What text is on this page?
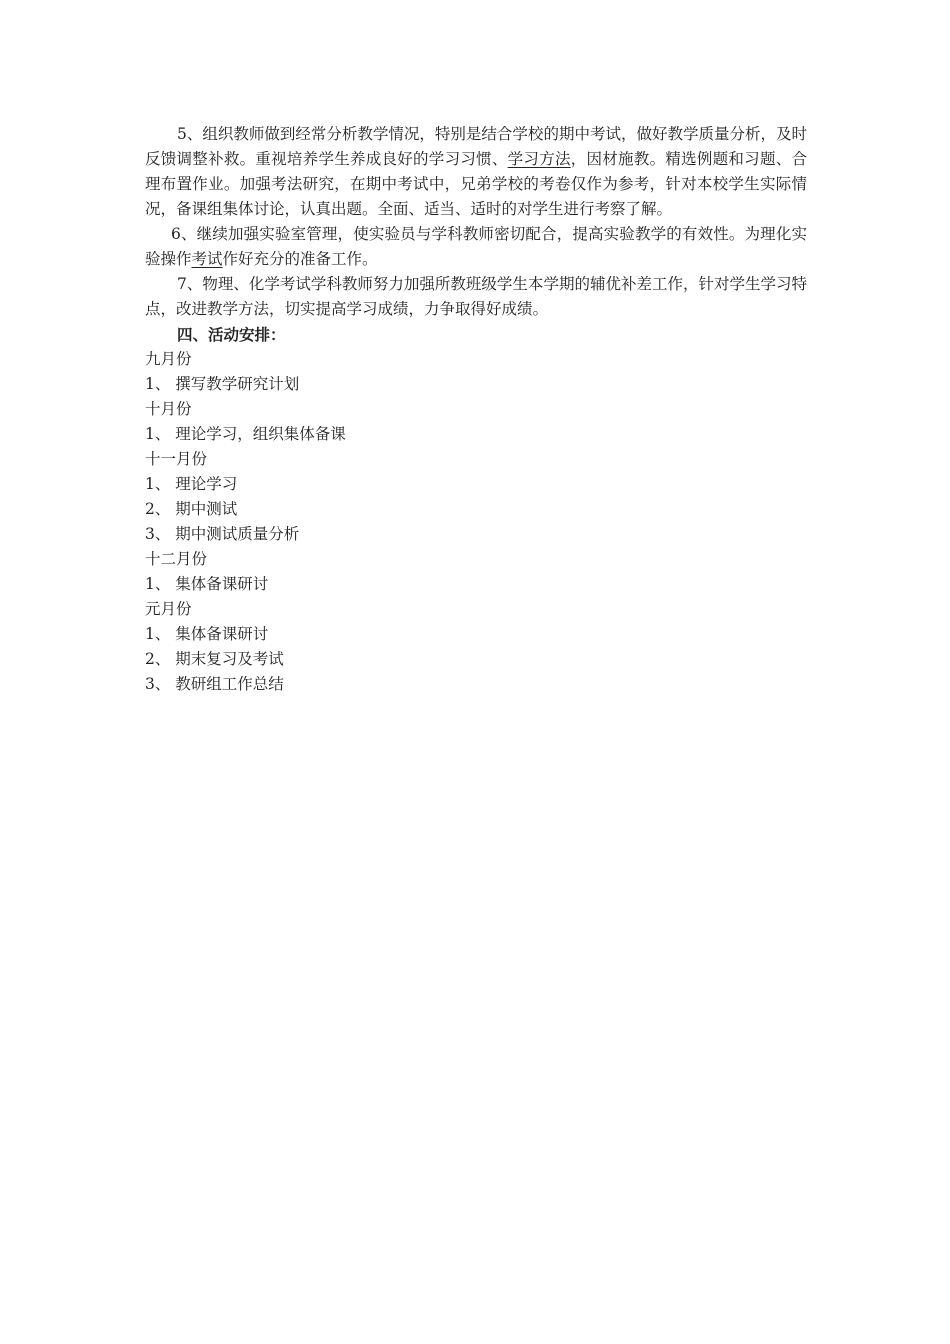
5、组织教师做到经常分析教学情况，特别是结合学校的期中考试，做好教学质量分析，及时反馈调整补救。重视培养学生养成良好的学习习惯、学习方法，因材施教。精选例题和习题、合理布置作业。加强考法研究，在期中考试中，兄弟学校的考卷仅作为参考，针对本校学生实际情况，备课组集体讨论，认真出题。全面、适当、适时的对学生进行考察了解。

6、继续加强实验室管理，使实验员与学科教师密切配合，提高实验教学的有效性。为理化实验操作考试作好充分的准备工作。

7、物理、化学考试学科教师努力加强所教班级学生本学期的辅优补差工作，针对学生学习特点，改进教学方法，切实提高学习成绩，力争取得好成绩。

四、活动安排：

九月份

1、 撰写教学研究计划

十月份

1、 理论学习，组织集体备课

十一月份

1、 理论学习

2、 期中测试

3、 期中测试质量分析

十二月份

1、 集体备课研讨

元月份

1、 集体备课研讨

2、 期末复习及考试

3、 教研组工作总结
